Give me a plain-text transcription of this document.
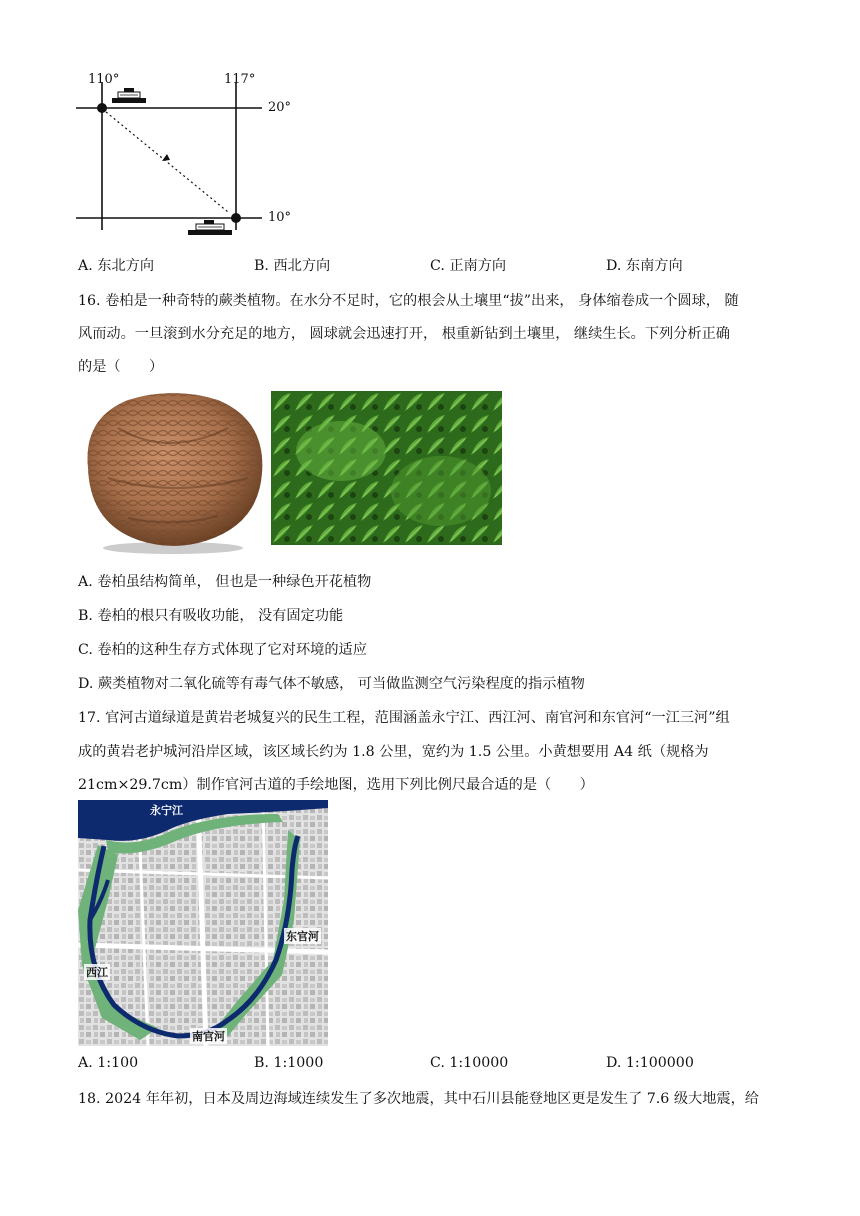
110°	117°
20°
10°
A. 东北方向	B. 西北方向	C. 正南方向	D. 东南方向
16. 卷柏是一种奇特的蕨类植物。在水分不足时，它的根会从土壤里“拔”出来， 身体缩卷成一个圆球， 随
风而动。一旦滚到水分充足的地方， 圆球就会迅速打开， 根重新钻到土壤里， 继续生长。下列分析正确
的是（　　）
A. 卷柏虽结构简单， 但也是一种绿色开花植物
B. 卷柏的根只有吸收功能， 没有固定功能
C. 卷柏的这种生存方式体现了它对环境的适应
D. 蕨类植物对二氧化硫等有毒气体不敏感， 可当做监测空气污染程度的指示植物
17. 官河古道绿道是黄岩老城复兴的民生工程，范围涵盖永宁江、西江河、南官河和东官河“一江三河”组
成的黄岩老护城河沿岸区域，该区域长约为 1.8 公里，宽约为 1.5 公里。小黄想要用 A4 纸（规格为
21cm×29.7cm）制作官河古道的手绘地图，选用下列比例尺最合适的是（　　）
永宁江
东官河
西江
南官河
A. 1:100	B. 1:1000	C. 1:10000	D. 1:100000
18. 2024 年年初，日本及周边海域连续发生了多次地震，其中石川县能登地区更是发生了 7.6 级大地震，给
